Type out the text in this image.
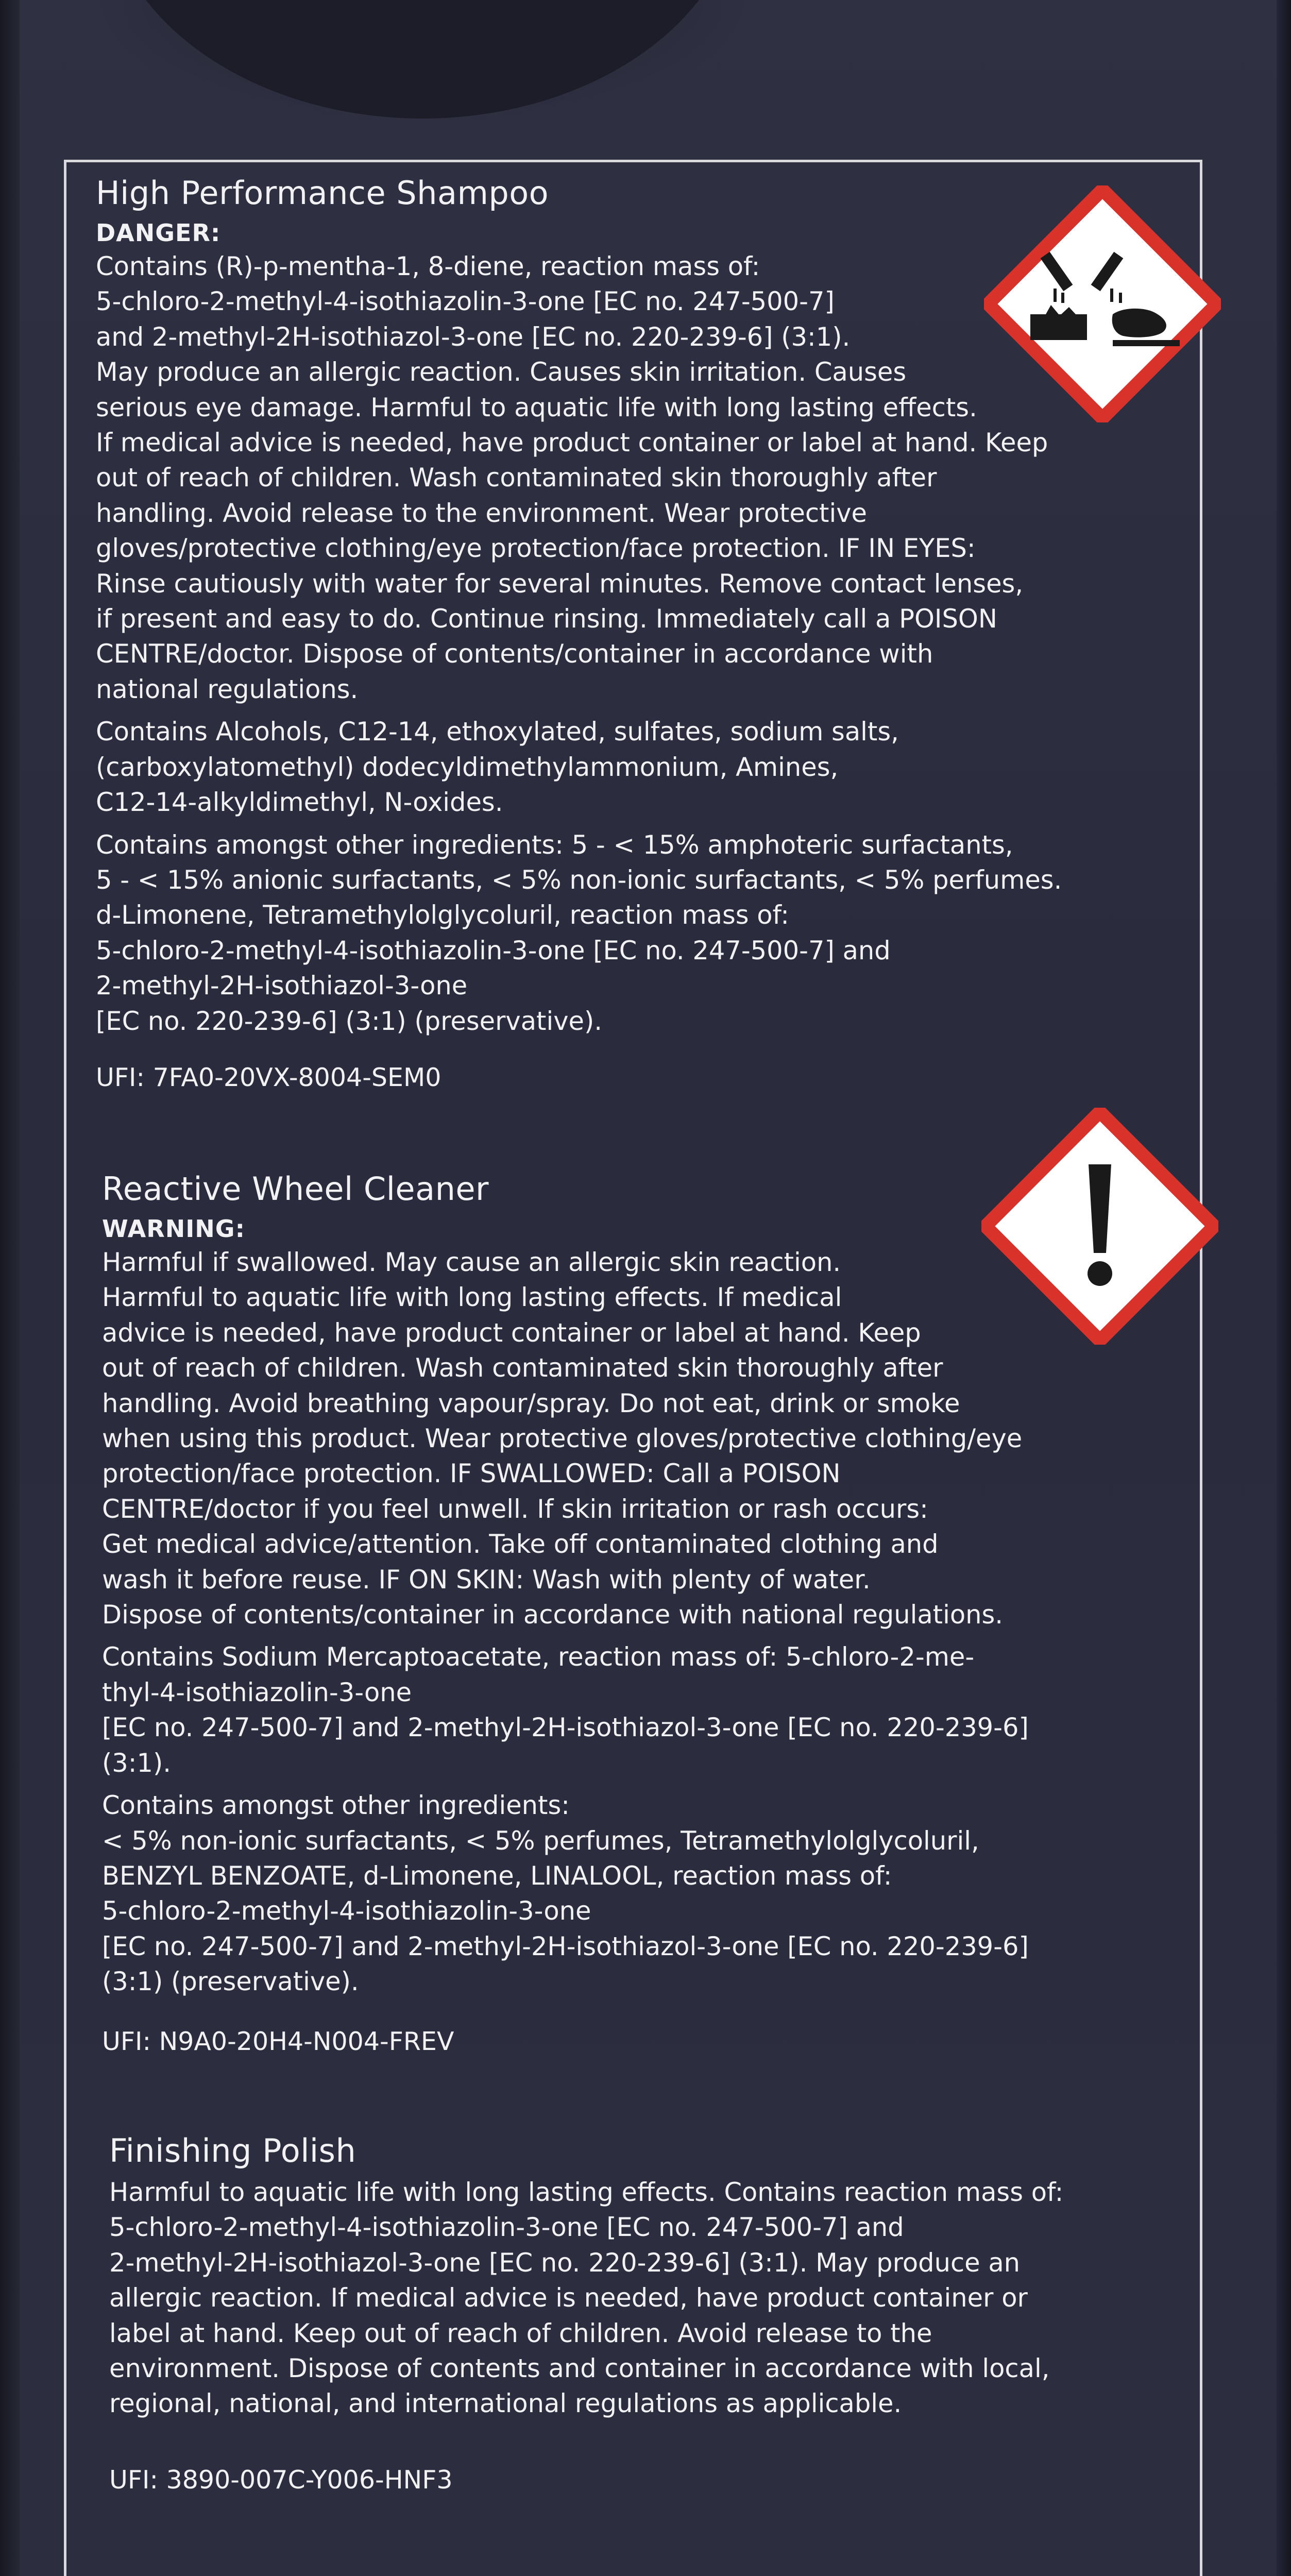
High Performance Shampoo
DANGER:
Contains (R)-p-mentha-1, 8-diene, reaction mass of:
5-chloro-2-methyl-4-isothiazolin-3-one [EC no. 247-500-7]
and 2-methyl-2H-isothiazol-3-one [EC no. 220-239-6] (3:1).
May produce an allergic reaction. Causes skin irritation. Causes
serious eye damage. Harmful to aquatic life with long lasting effects.
If medical advice is needed, have product container or label at hand. Keep
out of reach of children. Wash contaminated skin thoroughly after
handling. Avoid release to the environment. Wear protective
gloves/protective clothing/eye protection/face protection. IF IN EYES:
Rinse cautiously with water for several minutes. Remove contact lenses,
if present and easy to do. Continue rinsing. Immediately call a POISON
CENTRE/doctor. Dispose of contents/container in accordance with
national regulations.
Contains Alcohols, C12-14, ethoxylated, sulfates, sodium salts,
(carboxylatomethyl) dodecyldimethylammonium, Amines,
C12-14-alkyldimethyl, N-oxides.
Contains amongst other ingredients: 5 - < 15% amphoteric surfactants,
5 - < 15% anionic surfactants, < 5% non-ionic surfactants, < 5% perfumes.
d-Limonene, Tetramethylolglycoluril, reaction mass of:
5-chloro-2-methyl-4-isothiazolin-3-one [EC no. 247-500-7] and
2-methyl-2H-isothiazol-3-one
[EC no. 220-239-6] (3:1) (preservative).
UFI: 7FA0-20VX-8004-SEM0
Reactive Wheel Cleaner
WARNING:
Harmful if swallowed. May cause an allergic skin reaction.
Harmful to aquatic life with long lasting effects. If medical
advice is needed, have product container or label at hand. Keep
out of reach of children. Wash contaminated skin thoroughly after
handling. Avoid breathing vapour/spray. Do not eat, drink or smoke
when using this product. Wear protective gloves/protective clothing/eye
protection/face protection. IF SWALLOWED: Call a POISON
CENTRE/doctor if you feel unwell. If skin irritation or rash occurs:
Get medical advice/attention. Take off contaminated clothing and
wash it before reuse. IF ON SKIN: Wash with plenty of water.
Dispose of contents/container in accordance with national regulations.
Contains Sodium Mercaptoacetate, reaction mass of: 5-chloro-2-me-
thyl-4-isothiazolin-3-one
[EC no. 247-500-7] and 2-methyl-2H-isothiazol-3-one [EC no. 220-239-6]
(3:1).
Contains amongst other ingredients:
< 5% non-ionic surfactants, < 5% perfumes, Tetramethylolglycoluril,
BENZYL BENZOATE, d-Limonene, LINALOOL, reaction mass of:
5-chloro-2-methyl-4-isothiazolin-3-one
[EC no. 247-500-7] and 2-methyl-2H-isothiazol-3-one [EC no. 220-239-6]
(3:1) (preservative).
UFI: N9A0-20H4-N004-FREV
Finishing Polish
Harmful to aquatic life with long lasting effects. Contains reaction mass of:
5-chloro-2-methyl-4-isothiazolin-3-one [EC no. 247-500-7] and
2-methyl-2H-isothiazol-3-one [EC no. 220-239-6] (3:1). May produce an
allergic reaction. If medical advice is needed, have product container or
label at hand. Keep out of reach of children. Avoid release to the
environment. Dispose of contents and container in accordance with local,
regional, national, and international regulations as applicable.
UFI: 3890-007C-Y006-HNF3
